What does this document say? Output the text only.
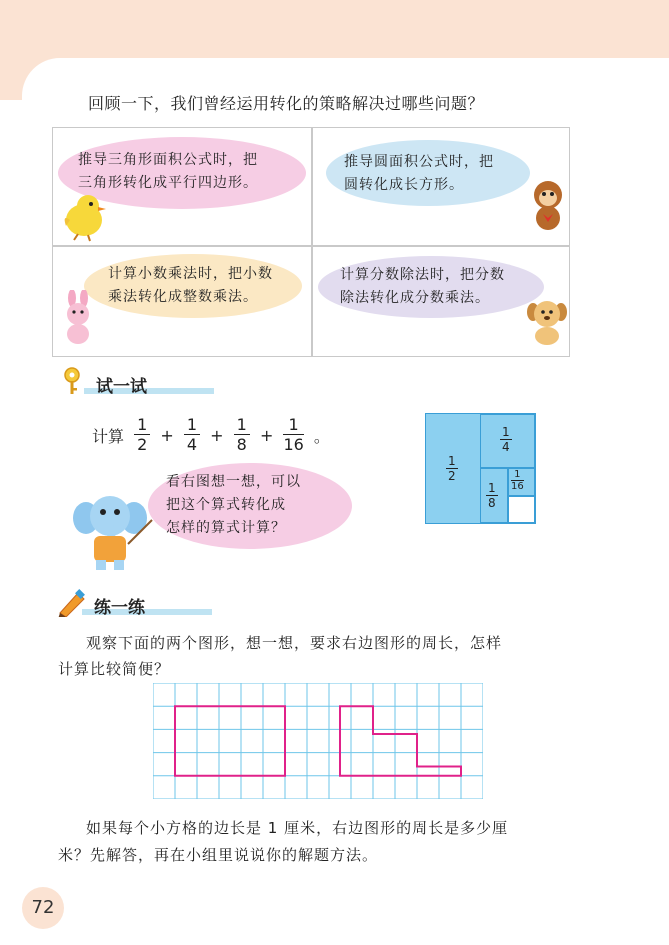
回顾一下，我们曾经运用转化的策略解决过哪些问题？
推导三角形面积公式时，把
三角形转化成平行四边形。
推导圆面积公式时，把
圆转化成长方形。
计算小数乘法时，把小数
乘法转化成整数乘法。
计算分数除法时，把分数
除法转化成分数乘法。
试一试
计算 $\frac{1}{2} + \frac{1}{4} + \frac{1}{8} + \frac{1}{16}$ 。
1
2
1
4
1
8
1
16
看右图想一想，可以
把这个算式转化成
怎样的算式计算？
练一练
观察下面的两个图形，想一想，要求右边图形的周长，怎样
计算比较简便？
如果每个小方格的边长是 1 厘米，右边图形的周长是多少厘
米？先解答，再在小组里说说你的解题方法。
72
